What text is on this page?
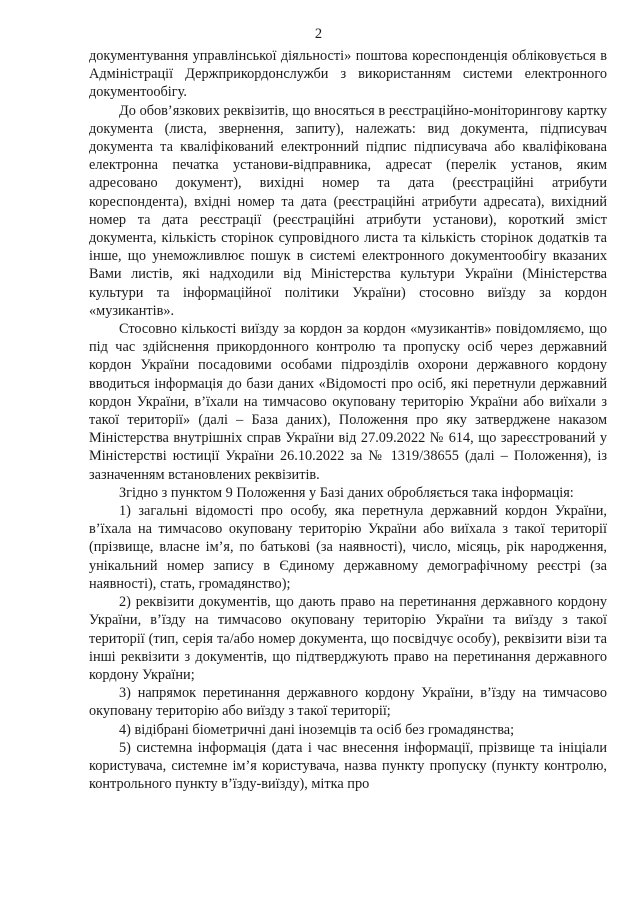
2

документування управлінської діяльності» поштова кореспонденція обліковується в Адміністрації Держприкордонслужби з використанням системи електронного документообігу.

До обов’язкових реквізитів, що вносяться в реєстраційно-моніторингову картку документа (листа, звернення, запиту), належать: вид документа, підписувач документа та кваліфікований електронний підпис підписувача або кваліфікована електронна печатка установи-відправника, адресат (перелік установ, яким адресовано документ), вихідні номер та дата (реєстраційні атрибути кореспондента), вхідні номер та дата (реєстраційні атрибути адресата), вихідний номер та дата реєстрації (реєстраційні атрибути установи), короткий зміст документа, кількість сторінок супровідного листа та кількість сторінок додатків та інше, що унеможливлює пошук в системі електронного документообігу вказаних Вами листів, які надходили від Міністерства культури України (Міністерства культури та інформаційної політики України) стосовно виїзду за кордон «музикантів».

Стосовно кількості виїзду за кордон за кордон «музикантів» повідомляємо, що під час здійснення прикордонного контролю та пропуску осіб через державний кордон України посадовими особами підрозділів охорони державного кордону вводиться інформація до бази даних «Відомості про осіб, які перетнули державний кордон України, в’їхали на тимчасово окуповану територію України або виїхали з такої території» (далі – База даних), Положення про яку затверджене наказом Міністерства внутрішніх справ України від 27.09.2022 № 614, що зареєстрований у Міністерстві юстиції України 26.10.2022 за № 1319/38655 (далі – Положення), із зазначенням встановлених реквізитів.

Згідно з пунктом 9 Положення у Базі даних обробляється така інформація:

1) загальні відомості про особу, яка перетнула державний кордон України, в’їхала на тимчасово окуповану територію України або виїхала з такої території (прізвище, власне ім’я, по батькові (за наявності), число, місяць, рік народження, унікальний номер запису в Єдиному державному демографічному реєстрі (за наявності), стать, громадянство);

2) реквізити документів, що дають право на перетинання державного кордону України, в’їзду на тимчасово окуповану територію України та виїзду з такої території (тип, серія та/або номер документа, що посвідчує особу), реквізити візи та інші реквізити з документів, що підтверджують право на перетинання державного кордону України;

3) напрямок перетинання державного кордону України, в’їзду на тимчасово окуповану територію або виїзду з такої території;

4) відібрані біометричні дані іноземців та осіб без громадянства;

5) системна інформація (дата і час внесення інформації, прізвище та ініціали користувача, системне ім’я користувача, назва пункту пропуску (пункту контролю, контрольного пункту в’їзду-виїзду), мітка про
